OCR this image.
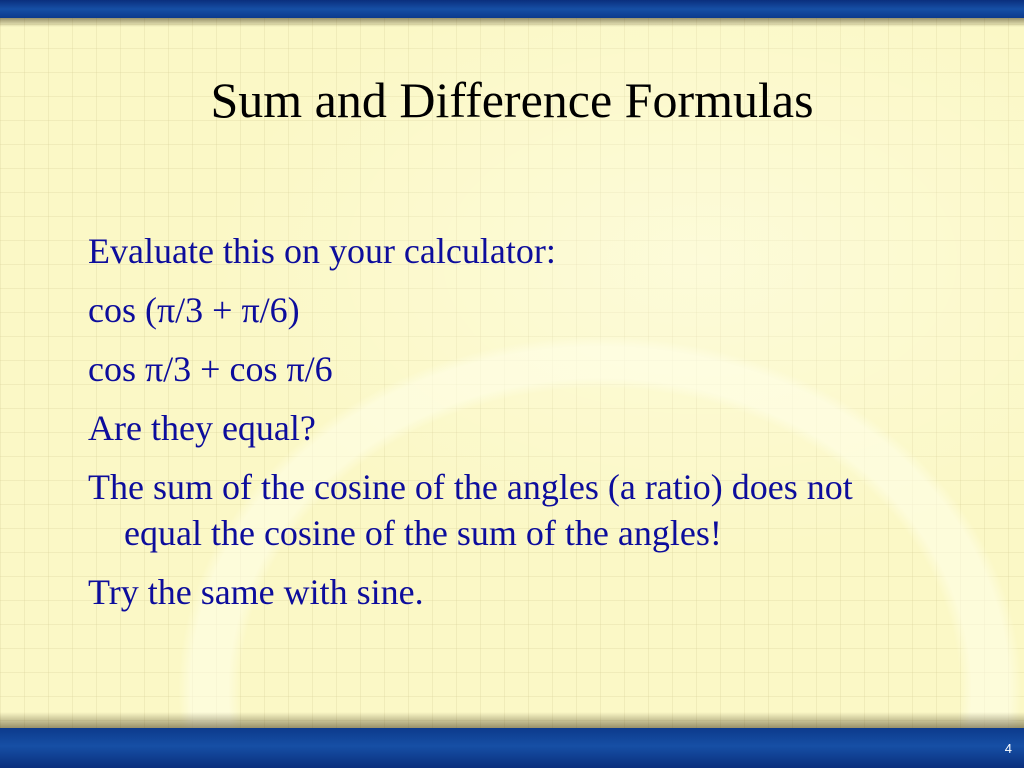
Sum and Difference Formulas
Evaluate this on your calculator:
cos (π/3 + π/6)
cos π/3 + cos π/6
Are they equal?
The sum of the cosine of the angles (a ratio) does not equal the cosine of the sum of the angles!
Try the same with sine.
4
